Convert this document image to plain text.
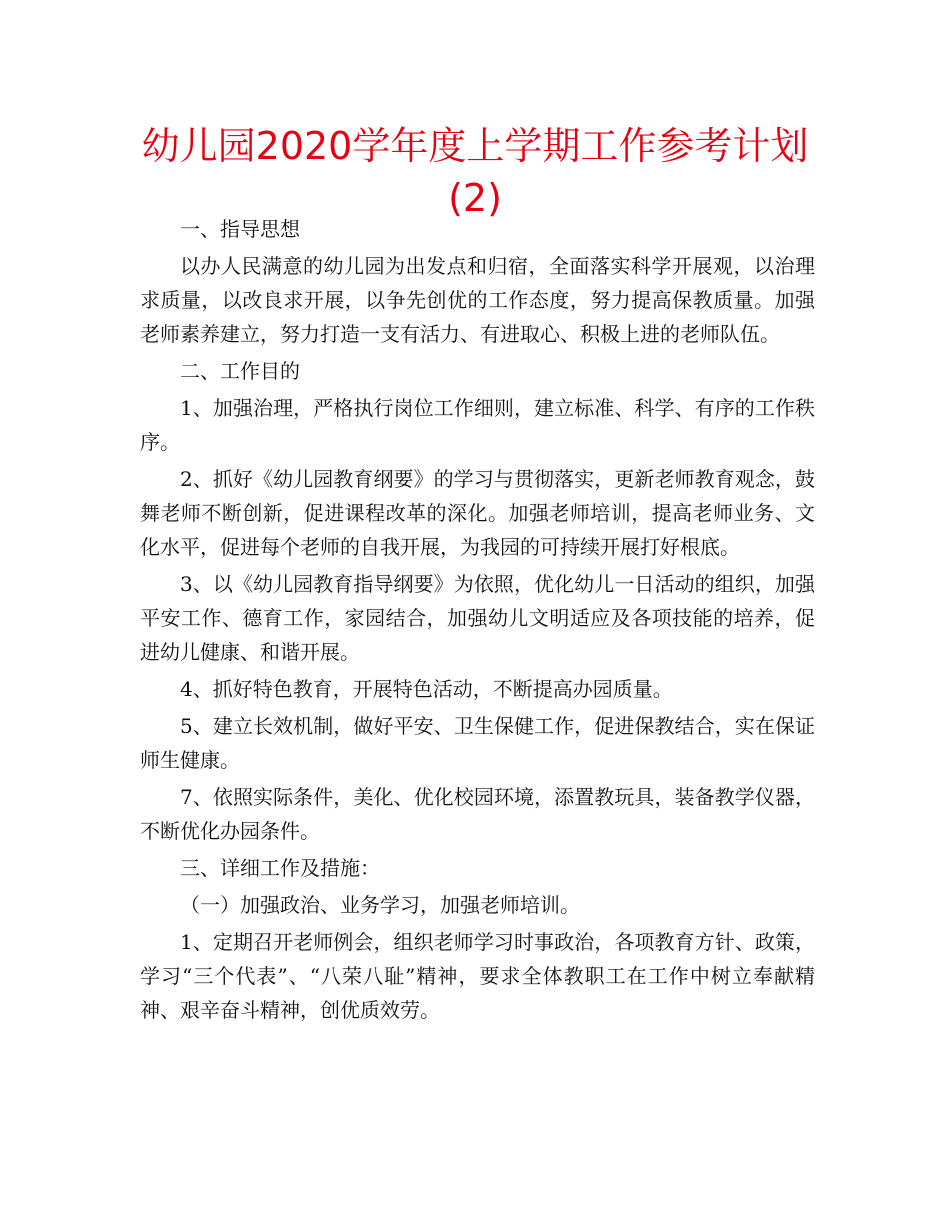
幼儿园2020学年度上学期工作参考计划
(2)

一、指导思想

以办人民满意的幼儿园为出发点和归宿，全面落实科学开展观，以治理求质量，以改良求开展，以争先创优的工作态度，努力提高保教质量。加强老师素养建立，努力打造一支有活力、有进取心、积极上进的老师队伍。

二、工作目的

1、加强治理，严格执行岗位工作细则，建立标准、科学、有序的工作秩序。

2、抓好《幼儿园教育纲要》的学习与贯彻落实，更新老师教育观念，鼓舞老师不断创新，促进课程改革的深化。加强老师培训，提高老师业务、文化水平，促进每个老师的自我开展，为我园的可持续开展打好根底。

3、以《幼儿园教育指导纲要》为依照，优化幼儿一日活动的组织，加强平安工作、德育工作，家园结合，加强幼儿文明适应及各项技能的培养，促进幼儿健康、和谐开展。

4、抓好特色教育，开展特色活动，不断提高办园质量。

5、建立长效机制，做好平安、卫生保健工作，促进保教结合，实在保证师生健康。

7、依照实际条件，美化、优化校园环境，添置教玩具，装备教学仪器，不断优化办园条件。

三、详细工作及措施：

（一）加强政治、业务学习，加强老师培训。

1、定期召开老师例会，组织老师学习时事政治，各项教育方针、政策，学习“三个代表”、“八荣八耻”精神，要求全体教职工在工作中树立奉献精神、艰辛奋斗精神，创优质效劳。
